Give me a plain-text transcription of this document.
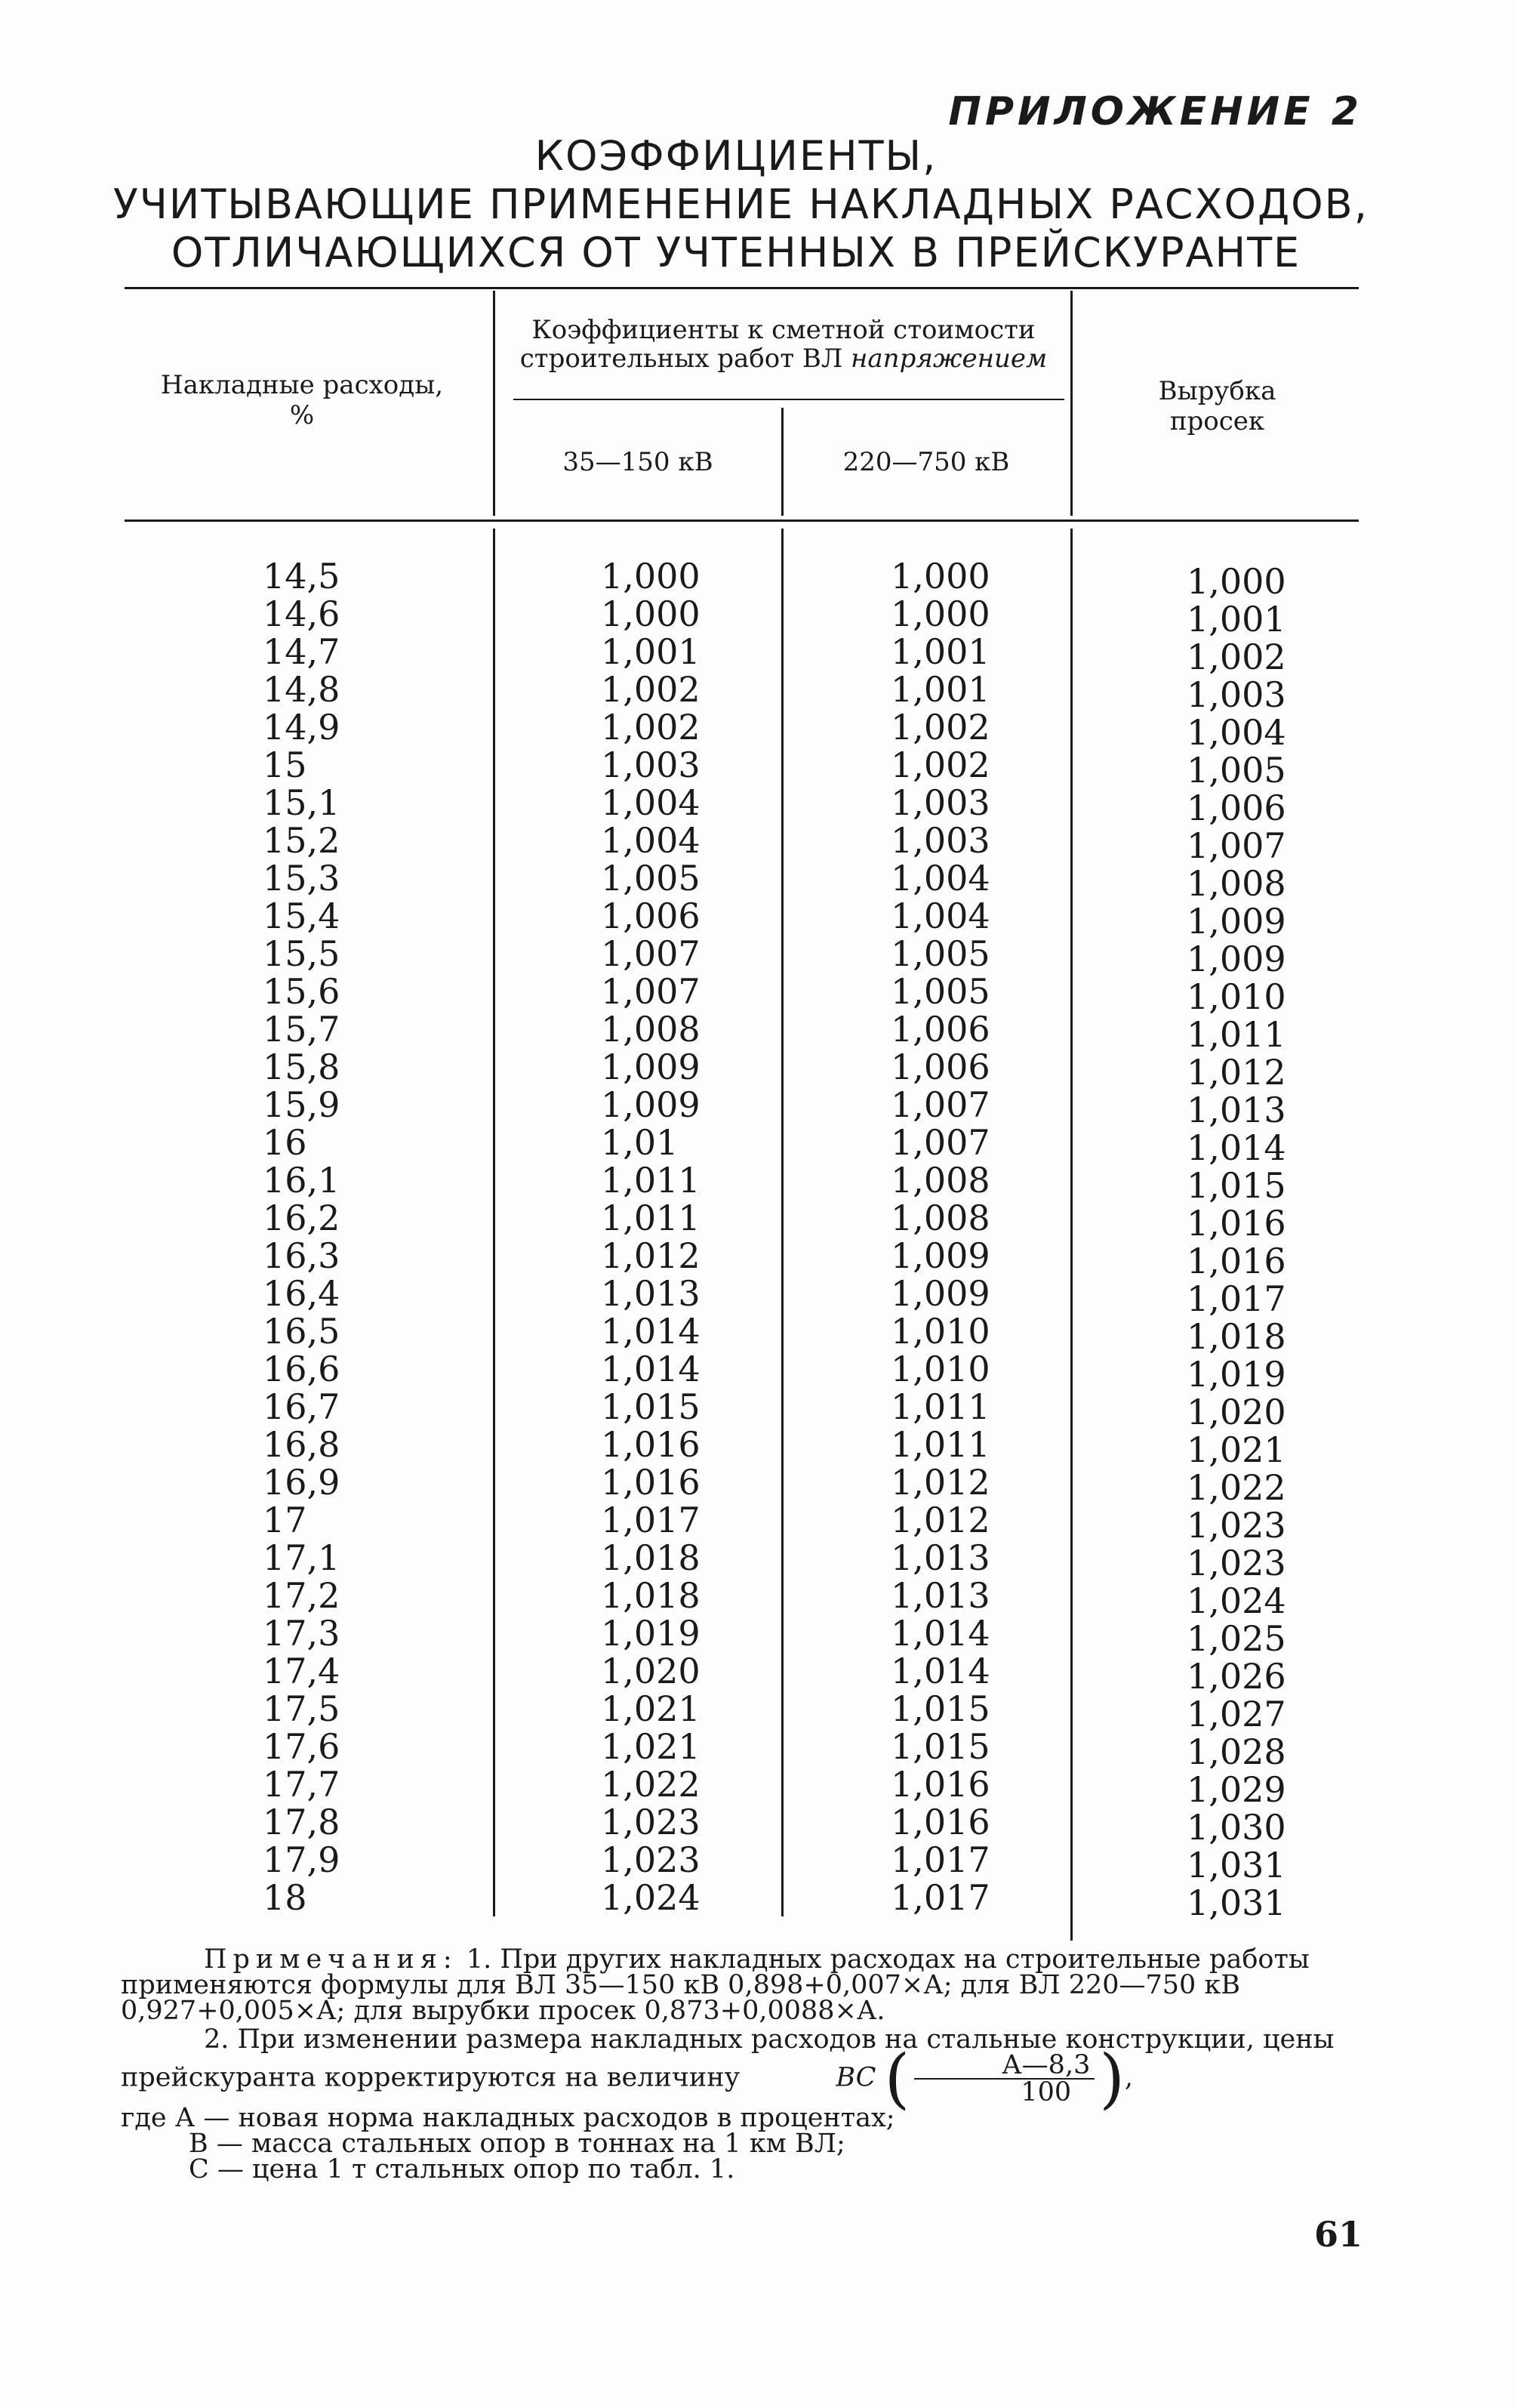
ПРИЛОЖЕНИЕ 2
КОЭФФИЦИЕНТЫ,
УЧИТЫВАЮЩИЕ ПРИМЕНЕНИЕ НАКЛАДНЫХ РАСХОДОВ,
ОТЛИЧАЮЩИХСЯ ОТ УЧТЕННЫХ В ПРЕЙСКУРАНТЕ
Накладные расходы,
%
Коэффициенты к сметной стоимости
строительных работ ВЛ напряжением
35—150 кВ	220—750 кВ
Вырубка
просек
14,5
14,6
14,7
14,8
14,9
15
15,1
15,2
15,3
15,4
15,5
15,6
15,7
15,8
15,9
16
16,1
16,2
16,3
16,4
16,5
16,6
16,7
16,8
16,9
17
17,1
17,2
17,3
17,4
17,5
17,6
17,7
17,8
17,9
18
1,000
1,000
1,001
1,002
1,002
1,003
1,004
1,004
1,005
1,006
1,007
1,007
1,008
1,009
1,009
1,01
1,011
1,011
1,012
1,013
1,014
1,014
1,015
1,016
1,016
1,017
1,018
1,018
1,019
1,020
1,021
1,021
1,022
1,023
1,023
1,024
1,000
1,000
1,001
1,001
1,002
1,002
1,003
1,003
1,004
1,004
1,005
1,005
1,006
1,006
1,007
1,007
1,008
1,008
1,009
1,009
1,010
1,010
1,011
1,011
1,012
1,012
1,013
1,013
1,014
1,014
1,015
1,015
1,016
1,016
1,017
1,017
1,000
1,001
1,002
1,003
1,004
1,005
1,006
1,007
1,008
1,009
1,009
1,010
1,011
1,012
1,013
1,014
1,015
1,016
1,016
1,017
1,018
1,019
1,020
1,021
1,022
1,023
1,023
1,024
1,025
1,026
1,027
1,028
1,029
1,030
1,031
1,031

Примечания: 1. При других накладных расходах на строительные работы применяются формулы для ВЛ 35—150 кВ 0,898+0,007×А; для ВЛ 220—750 кВ 0,927+0,005×А; для вырубки просек 0,873+0,0088×А.

2. При изменении размера накладных расходов на стальные конструкции, цены прейскуранта корректируются на величину	BC ( $\frac{А—8,3}{100}$ ),

где А — новая норма накладных расходов в процентах;

В — масса стальных опор в тоннах на 1 км ВЛ;

С — цена 1 т стальных опор по табл. 1.

61
